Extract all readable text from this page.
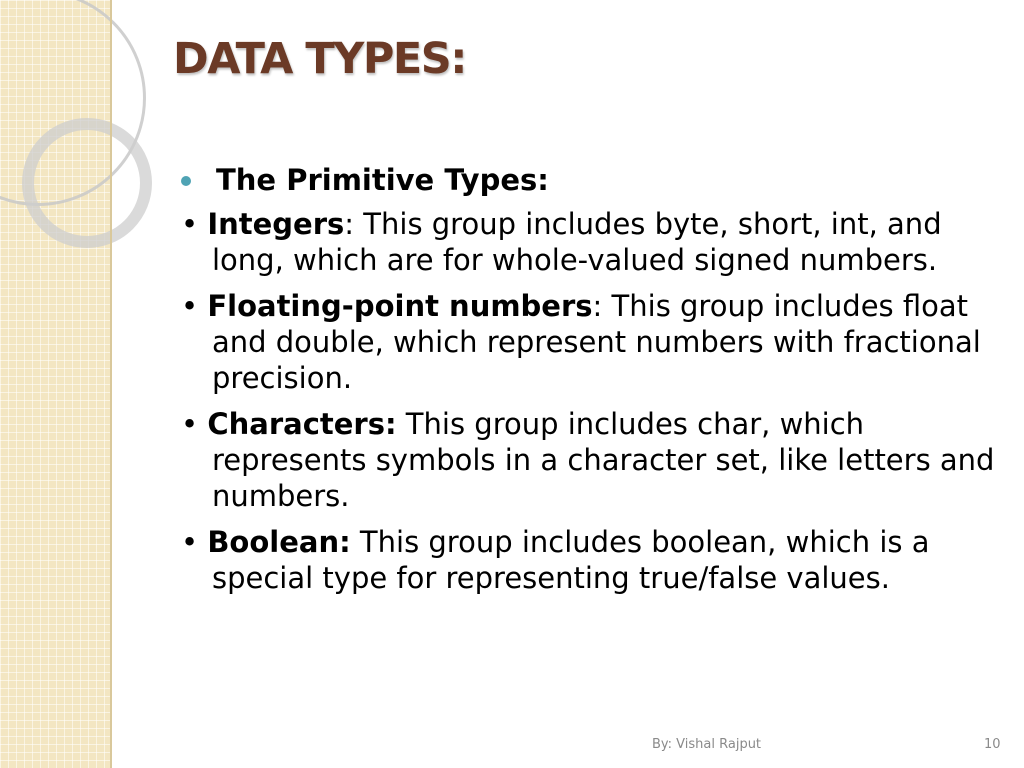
DATA TYPES:
The Primitive Types:
• Integers: This group includes byte, short, int, and long, which are for whole-valued signed numbers.
• Floating-point numbers: This group includes float and double, which represent numbers with fractional precision.
• Characters: This group includes char, which represents symbols in a character set, like letters and numbers.
• Boolean: This group includes boolean, which is a special type for representing true/false values.
By: Vishal Rajput	10
